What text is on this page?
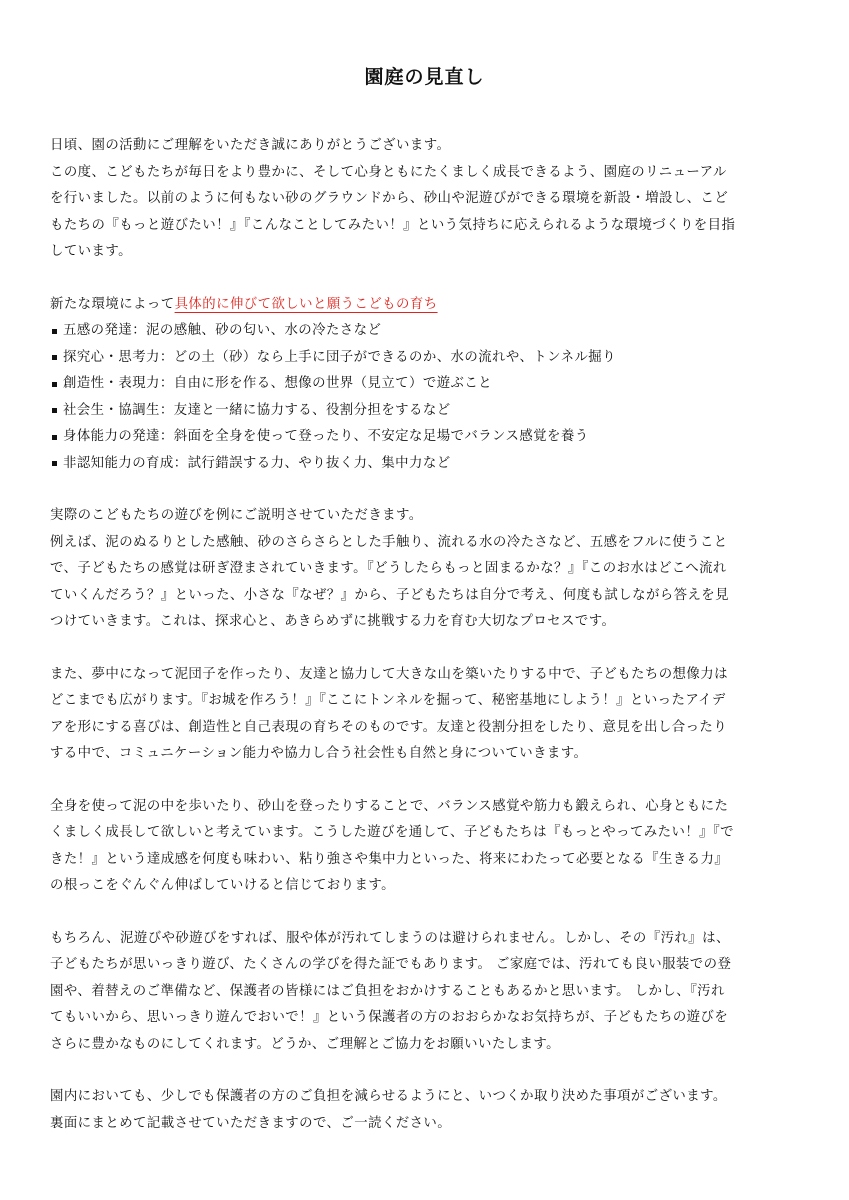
園庭の見直し
日頃、園の活動にご理解をいただき誠にありがとうございます。
この度、こどもたちが毎日をより豊かに、そして心身ともにたくましく成長できるよう、園庭のリニューアル
を行いました。以前のように何もない砂のグラウンドから、砂山や泥遊びができる環境を新設・増設し、こど
もたちの『もっと遊びたい！』『こんなことしてみたい！』という気持ちに応えられるような環境づくりを目指
しています。
新たな環境によって具体的に伸びて欲しいと願うこどもの育ち
五感の発達：泥の感触、砂の匂い、水の冷たさなど
探究心・思考力：どの土（砂）なら上手に団子ができるのか、水の流れや、トンネル掘り
創造性・表現力：自由に形を作る、想像の世界（見立て）で遊ぶこと
社会生・協調生：友達と一緒に協力する、役割分担をするなど
身体能力の発達：斜面を全身を使って登ったり、不安定な足場でバランス感覚を養う
非認知能力の育成：試行錯誤する力、やり抜く力、集中力など
実際のこどもたちの遊びを例にご説明させていただきます。
例えば、泥のぬるりとした感触、砂のさらさらとした手触り、流れる水の冷たさなど、五感をフルに使うこと
で、子どもたちの感覚は研ぎ澄まされていきます。『どうしたらもっと固まるかな？』『このお水はどこへ流れ
ていくんだろう？』といった、小さな『なぜ？』から、子どもたちは自分で考え、何度も試しながら答えを見
つけていきます。これは、探求心と、あきらめずに挑戦する力を育む大切なプロセスです。
また、夢中になって泥団子を作ったり、友達と協力して大きな山を築いたりする中で、子どもたちの想像力は
どこまでも広がります。『お城を作ろう！』『ここにトンネルを掘って、秘密基地にしよう！』といったアイデ
アを形にする喜びは、創造性と自己表現の育ちそのものです。友達と役割分担をしたり、意見を出し合ったり
する中で、コミュニケーション能力や協力し合う社会性も自然と身についていきます。
全身を使って泥の中を歩いたり、砂山を登ったりすることで、バランス感覚や筋力も鍛えられ、心身ともにた
くましく成長して欲しいと考えています。こうした遊びを通して、子どもたちは『もっとやってみたい！』『で
きた！』という達成感を何度も味わい、粘り強さや集中力といった、将来にわたって必要となる『生きる力』
の根っこをぐんぐん伸ばしていけると信じております。
もちろん、泥遊びや砂遊びをすれば、服や体が汚れてしまうのは避けられません。しかし、その『汚れ』は、
子どもたちが思いっきり遊び、たくさんの学びを得た証でもあります。 ご家庭では、汚れても良い服装での登
園や、着替えのご準備など、保護者の皆様にはご負担をおかけすることもあるかと思います。 しかし、『汚れ
てもいいから、思いっきり遊んでおいで！』という保護者の方のおおらかなお気持ちが、子どもたちの遊びを
さらに豊かなものにしてくれます。どうか、ご理解とご協力をお願いいたします。
園内においても、少しでも保護者の方のご負担を減らせるようにと、いつくか取り決めた事項がございます。
裏面にまとめて記載させていただきますので、ご一読ください。
